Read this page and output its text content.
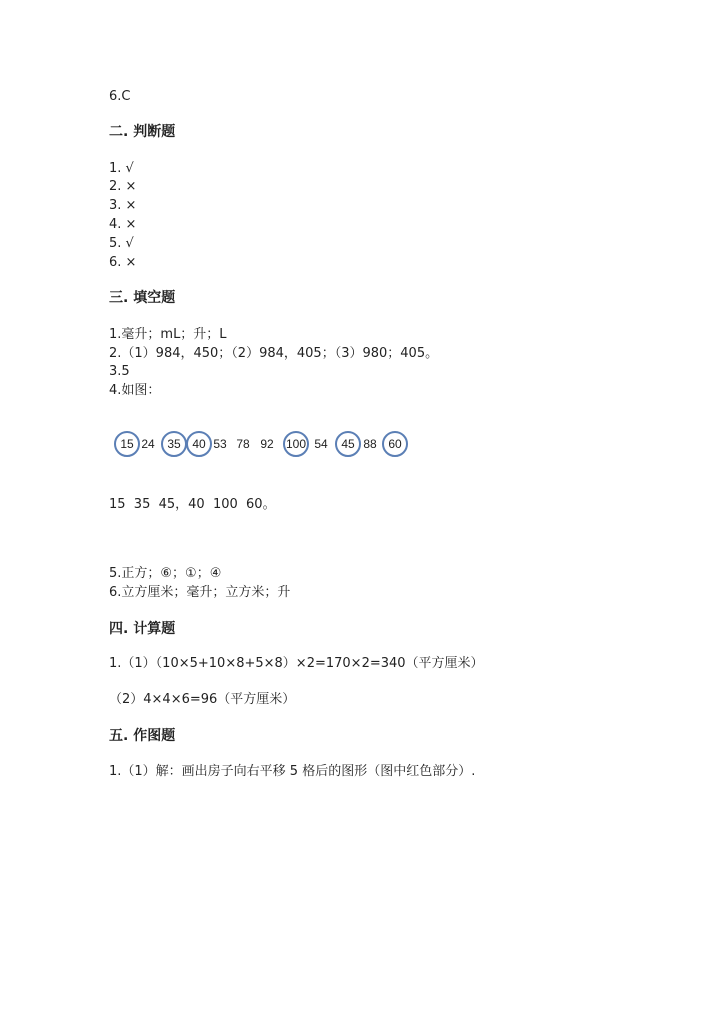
6.C
二. 判断题
1. √
2. ×
3. ×
4. ×
5. √
6. ×
三. 填空题
1.毫升；mL；升；L
2.（1）984，450；（2）984，405；（3）980；405。
3.5
4.如图：
15 24	35 40 53 78 92	100 54	45 88 60
15  35  45，40  100  60。
5.正方；⑥；①；④
6.立方厘米；毫升；立方米；升
四. 计算题
1.（1）（10×5+10×8+5×8）×2=170×2=340（平方厘米）
（2）4×4×6=96（平方厘米）
五. 作图题
1.（1）解：画出房子向右平移 5 格后的图形（图中红色部分）.
